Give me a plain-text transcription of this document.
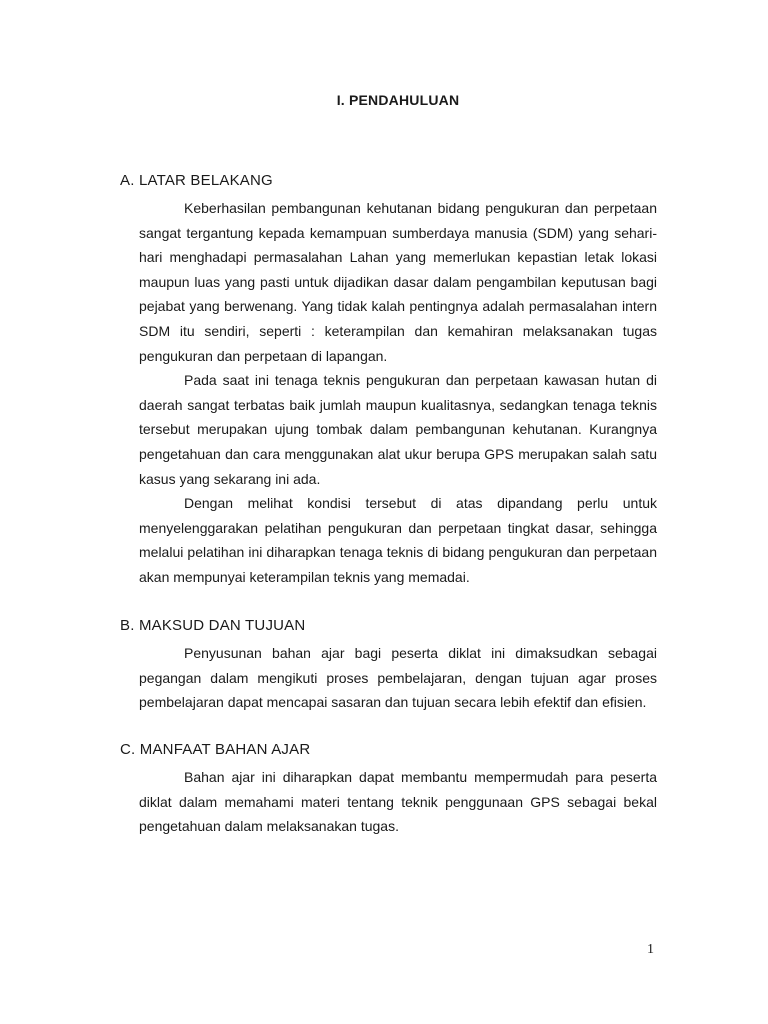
I. PENDAHULUAN
A. LATAR BELAKANG

Keberhasilan pembangunan kehutanan bidang pengukuran dan perpetaan sangat tergantung kepada kemampuan sumberdaya manusia (SDM) yang sehari-hari menghadapi permasalahan Lahan yang memerlukan kepastian letak lokasi maupun luas yang pasti untuk dijadikan dasar dalam pengambilan keputusan bagi pejabat yang berwenang. Yang tidak kalah pentingnya adalah permasalahan intern SDM itu sendiri, seperti : keterampilan dan kemahiran melaksanakan tugas pengukuran dan perpetaan di lapangan.

Pada saat ini tenaga teknis pengukuran dan perpetaan kawasan hutan di daerah sangat terbatas baik jumlah maupun kualitasnya, sedangkan tenaga teknis tersebut merupakan ujung tombak dalam pembangunan kehutanan. Kurangnya pengetahuan dan cara menggunakan alat ukur berupa GPS merupakan salah satu kasus yang sekarang ini ada.

Dengan melihat kondisi tersebut di atas dipandang perlu untuk menyelenggarakan pelatihan pengukuran dan perpetaan tingkat dasar, sehingga melalui pelatihan ini diharapkan tenaga teknis di bidang pengukuran dan perpetaan akan mempunyai keterampilan teknis yang memadai.

B. MAKSUD DAN TUJUAN

Penyusunan bahan ajar bagi peserta diklat ini dimaksudkan sebagai pegangan dalam mengikuti proses pembelajaran, dengan tujuan agar proses pembelajaran dapat mencapai sasaran dan tujuan secara lebih efektif dan efisien.

C. MANFAAT BAHAN AJAR

Bahan ajar ini diharapkan dapat membantu mempermudah para peserta diklat dalam memahami materi tentang teknik penggunaan GPS sebagai bekal pengetahuan dalam melaksanakan tugas.

1
